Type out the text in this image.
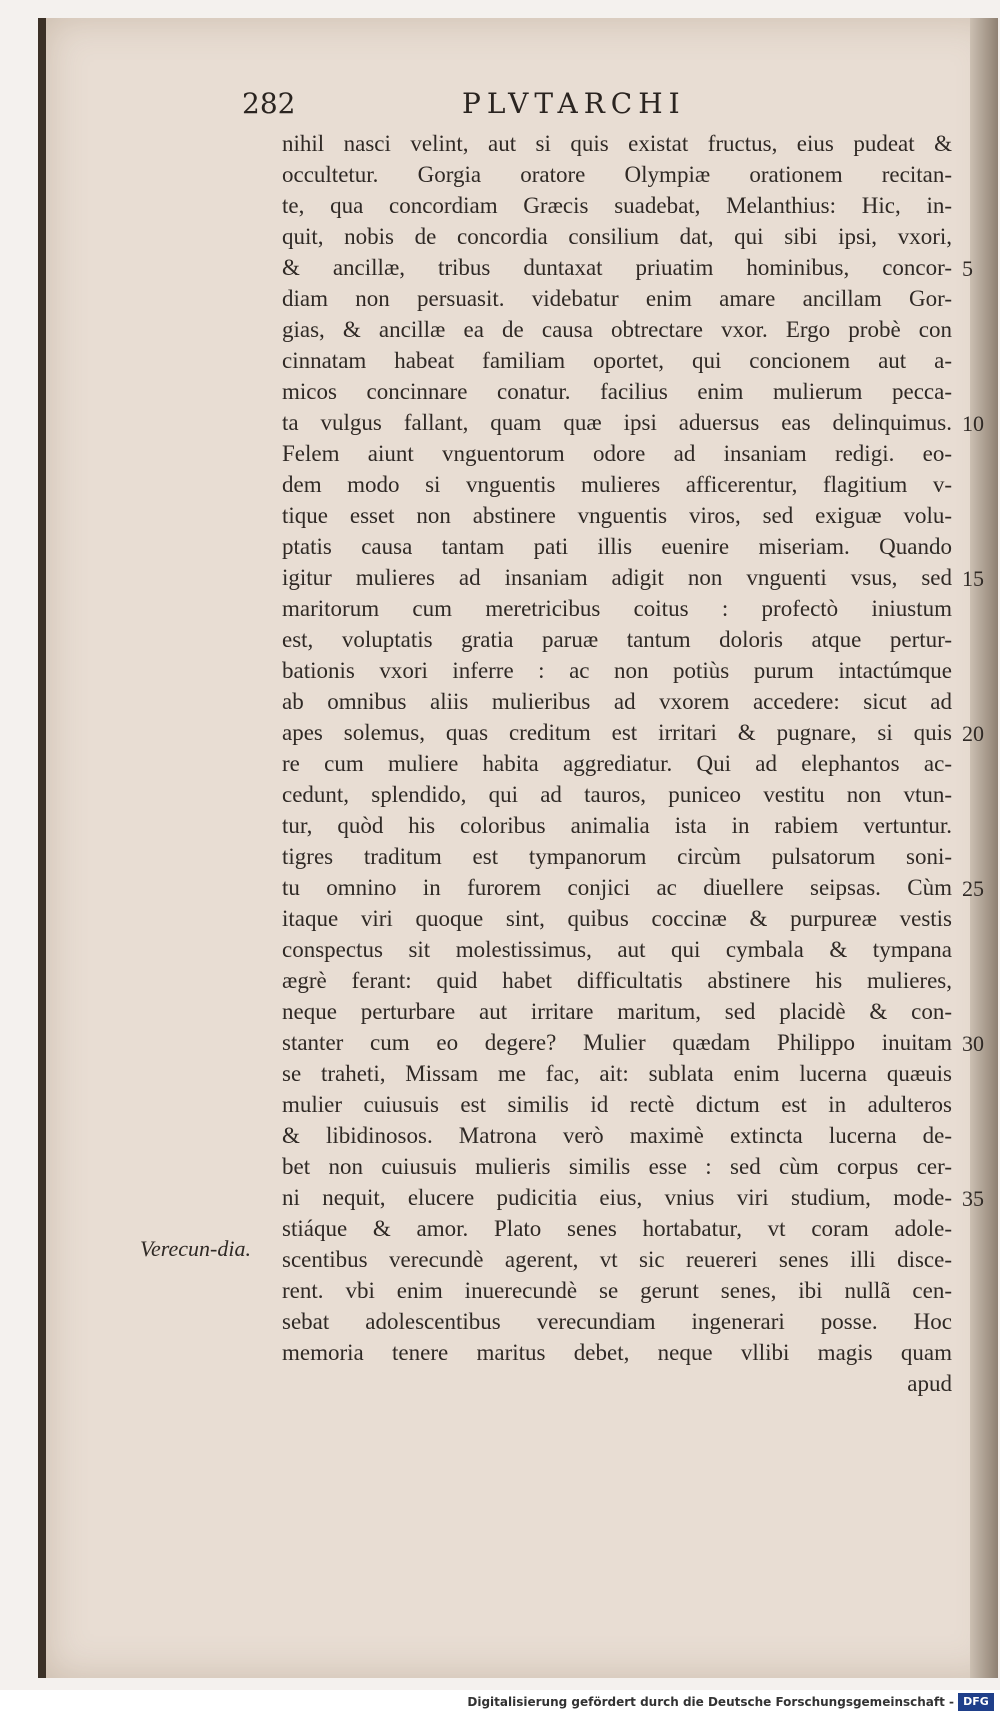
282	PLVTARCHI
nihil nasci velint, aut si quis existat fructus, eius pudeat &
occultetur. Gorgia oratore Olympiæ orationem recitan-
te, qua concordiam Græcis suadebat, Melanthius: Hic, in-
quit, nobis de concordia consilium dat, qui sibi ipsi, vxori,
& ancillæ, tribus duntaxat priuatim hominibus, concor-
diam non persuasit. videbatur enim amare ancillam Gor-
gias, & ancillæ ea de causa obtrectare vxor. Ergo probè con
cinnatam habeat familiam oportet, qui concionem aut a-
micos concinnare conatur. facilius enim mulierum pecca-
ta vulgus fallant, quam quæ ipsi aduersus eas delinquimus.
Felem aiunt vnguentorum odore ad insaniam redigi. eo-
dem modo si vnguentis mulieres afficerentur, flagitium v-
tique esset non abstinere vnguentis viros, sed exiguæ volu-
ptatis causa tantam pati illis euenire miseriam. Quando
igitur mulieres ad insaniam adigit non vnguenti vsus, sed
maritorum cum meretricibus coitus : profectò iniustum
est, voluptatis gratia paruæ tantum doloris atque pertur-
bationis vxori inferre : ac non potiùs purum intactúmque
ab omnibus aliis mulieribus ad vxorem accedere: sicut ad
apes solemus, quas creditum est irritari & pugnare, si quis
re cum muliere habita aggrediatur. Qui ad elephantos ac-
cedunt, splendido, qui ad tauros, puniceo vestitu non vtun-
tur, quòd his coloribus animalia ista in rabiem vertuntur.
tigres traditum est tympanorum circùm pulsatorum soni-
tu omnino in furorem conjici ac diuellere seipsas. Cùm
itaque viri quoque sint, quibus coccinæ & purpureæ vestis
conspectus sit molestissimus, aut qui cymbala & tympana
ægrè ferant: quid habet difficultatis abstinere his mulieres,
neque perturbare aut irritare maritum, sed placidè & con-
stanter cum eo degere? Mulier quædam Philippo inuitam
se traheti, Missam me fac, ait: sublata enim lucerna quæuis
mulier cuiusuis est similis id rectè dictum est in adulteros
& libidinosos. Matrona verò maximè extincta lucerna de-
bet non cuiusuis mulieris similis esse : sed cùm corpus cer-
ni nequit, elucere pudicitia eius, vnius viri studium, mode-
stiáque & amor. Plato senes hortabatur, vt coram adole-
scentibus verecundè agerent, vt sic reuereri senes illi disce-
rent. vbi enim inuerecundè se gerunt senes, ibi nullã cen-
sebat adolescentibus verecundiam ingenerari posse. Hoc
memoria tenere maritus debet, neque vllibi magis quam
apud
5
10
15
20
25
30
35
Verecun-dia.
Digitalisierung gefördert durch die Deutsche Forschungsgemeinschaft - DFG
